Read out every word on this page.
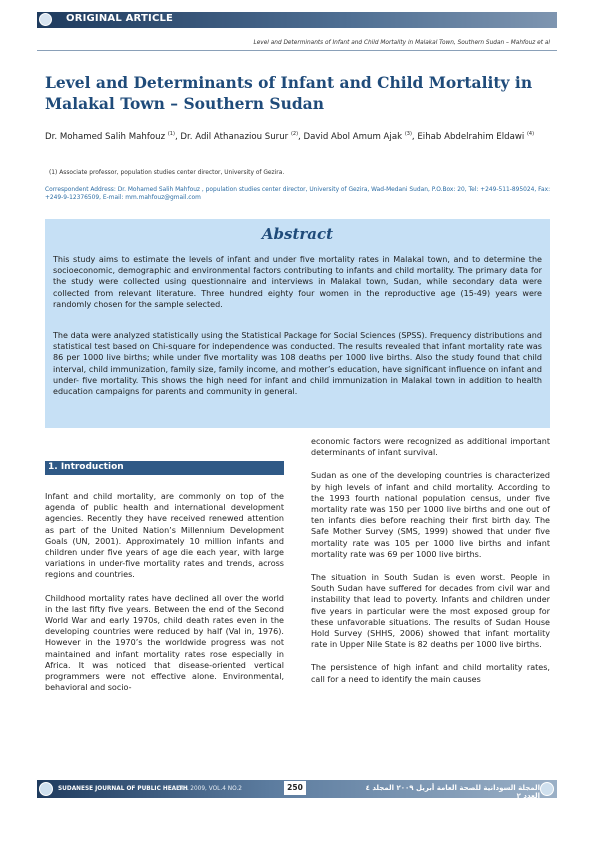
ORIGINAL ARTICLE
Level and Determinants of Infant and Child Mortality in Malakal Town, Southern Sudan – Mahfouz et al
Level and Determinants of Infant and Child Mortality in Malakal Town – Southern Sudan
Dr. Mohamed Salih Mahfouz $^{(1)}$, Dr. Adil Athanaziou Surur $^{(2)}$, David Abol Amum Ajak $^{(3)}$, Eihab Abdelrahim Eldawi $^{(4)}$
(1) Associate professor, population studies center director, University of Gezira.
Correspondent Address: Dr. Mohamed Salih Mahfouz , population studies center director, University of Gezira, Wad-Medani Sudan, P.O.Box: 20, Tel: +249-511-895024, Fax: +249-9-12376509, E-mail: mm.mahfouz@gmail.com
Abstract
This study aims to estimate the levels of infant and under five mortality rates in Malakal town, and to determine the socioeconomic, demographic and environmental factors contributing to infants and child mortality. The primary data for the study were collected using questionnaire and interviews in Malakal town, Sudan, while secondary data were collected from relevant literature. Three hundred eighty four women in the reproductive age (15-49) years were randomly chosen for the sample selected.
The data were analyzed statistically using the Statistical Package for Social Sciences (SPSS). Frequency distributions and statistical test based on Chi-square for independence was conducted. The results revealed that infant mortality rate was 86 per 1000 live births; while under five mortality was 108 deaths per 1000 live births. Also the study found that child interval, child immunization, family size, family income, and mother’s education, have significant influence on infant and under- five mortality. This shows the high need for infant and child immunization in Malakal town in addition to health education campaigns for parents and community in general.
1. Introduction

Infant and child mortality, are commonly on top of the agenda of public health and international development agencies. Recently they have received renewed attention as part of the United Nation’s Millennium Development Goals (UN, 2001). Approximately 10 million infants and children under five years of age die each year, with large variations in under-five mortality rates and trends, across regions and countries.

Childhood mortality rates have declined all over the world in the last fifty five years. Between the end of the Second World War and early 1970s, child death rates even in the developing countries were reduced by half (Val in, 1976). However in the 1970’s the worldwide progress was not maintained and infant mortality rates rose especially in Africa. It was noticed that disease-oriented vertical programmers were not effective alone. Environmental, behavioral and socio-

economic factors were recognized as additional important determinants of infant survival.

Sudan as one of the developing countries is characterized by high levels of infant and child mortality. According to the 1993 fourth national population census, under five mortality rate was 150 per 1000 live births and one out of ten infants dies before reaching their first birth day. The Safe Mother Survey (SMS, 1999) showed that under five mortality rate was 105 per 1000 live births and infant mortality rate was 69 per 1000 live births.

The situation in South Sudan is even worst. People in South Sudan have suffered for decades from civil war and instability that lead to poverty. Infants and children under five years in particular were the most exposed group for these unfavorable situations. The results of Sudan House Hold Survey (SHHS, 2006) showed that infant mortality rate in Upper Nile State is 82 deaths per 1000 live births.

The persistence of high infant and child mortality rates, call for a need to identify the main causes

SUDANESE JOURNAL OF PUBLIC HEALTH
APRIL 2009, VOL.4 NO.2	250	المجلة السودانية للصحة العامة أبريل ٢٠٠٩ المجلد ٤ العدد ٢
